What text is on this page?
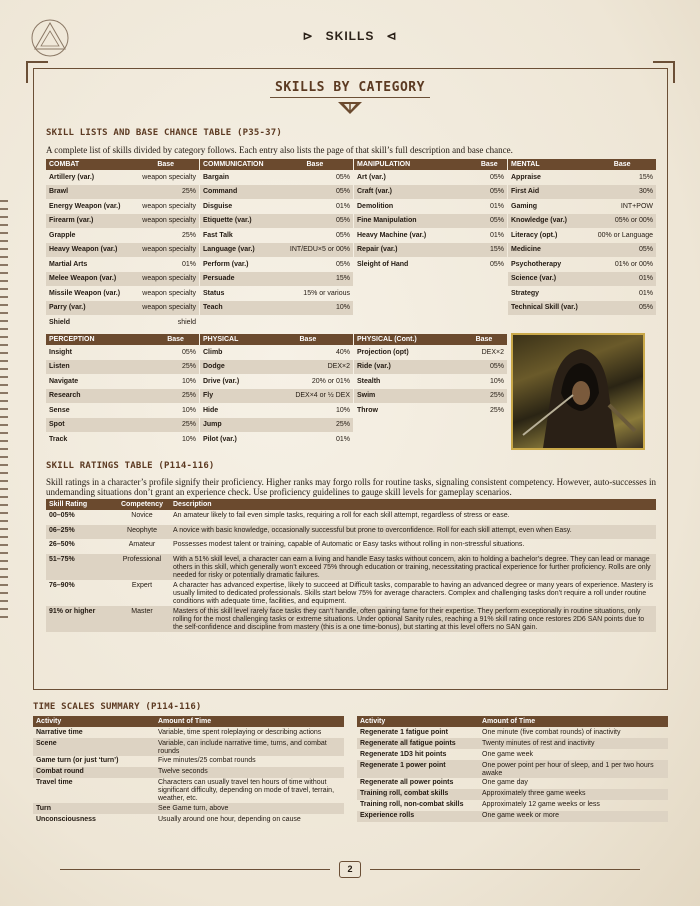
⊳ SKILLS ⊲
SKILLS BY CATEGORY
SKILL LISTS AND BASE CHANCE TABLE (P35-37)
A complete list of skills divided by category follows. Each entry also lists the page of that skill’s full description and base chance.
COMBAT	Base
Artillery (var.)	weapon specialty
Brawl	25%
Energy Weapon (var.)	weapon specialty
Firearm (var.)	weapon specialty
Grapple	25%
Heavy Weapon (var.)	weapon specialty
Martial Arts	01%
Melee Weapon (var.)	weapon specialty
Missile Weapon (var.)	weapon specialty
Parry (var.)	weapon specialty
Shield	shield
COMMUNICATION	Base
Bargain	05%
Command	05%
Disguise	01%
Etiquette (var.)	05%
Fast Talk	05%
Language (var.)	INT/EDU×5 or 00%
Perform (var.)	05%
Persuade	15%
Status	15% or various
Teach	10%
MANIPULATION	Base
Art (var.)	05%
Craft (var.)	05%
Demolition	01%
Fine Manipulation	05%
Heavy Machine (var.)	01%
Repair (var.)	15%
Sleight of Hand	05%
MENTAL	Base
Appraise	15%
First Aid	30%
Gaming	INT+POW
Knowledge (var.)	05% or 00%
Literacy (opt.)	00% or Language
Medicine	05%
Psychotherapy	01% or 00%
Science (var.)	01%
Strategy	01%
Technical Skill (var.)	05%
PERCEPTION	Base
Insight	05%
Listen	25%
Navigate	10%
Research	25%
Sense	10%
Spot	25%
Track	10%
PHYSICAL	Base
Climb	40%
Dodge	DEX×2
Drive (var.)	20% or 01%
Fly	DEX×4 or ½ DEX
Hide	10%
Jump	25%
Pilot (var.)	01%
PHYSICAL (Cont.)	Base
Projection (opt)	DEX×2
Ride (var.)	05%
Stealth	10%
Swim	25%
Throw	25%
SKILL RATINGS TABLE (P114-116)
Skill ratings in a character’s profile signify their proficiency. Higher ranks may forgo rolls for routine tasks, signaling consistent competency. However, auto-successes in undemanding situations don’t grant an experience check. Use proficiency guidelines to gauge skill levels for gameplay scenarios.
Skill Rating	Competency	Description
00–05%	Novice	An amateur likely to fail even simple tasks, requiring a roll for each skill attempt, regardless of stress or ease.
06–25%	Neophyte	A novice with basic knowledge, occasionally successful but prone to overconfidence. Roll for each skill attempt, even when Easy.
26–50%	Amateur	Possesses modest talent or training, capable of Automatic or Easy tasks without rolling in non-stressful situations.
51–75%	Professional	With a 51% skill level, a character can earn a living and handle Easy tasks without concern, akin to holding a bachelor’s degree. They can lead or manage others in this skill, which generally won’t exceed 75% through education or training, necessitating practical experience for further proficiency. Rolls are only needed for risky or potentially dramatic failures.
76–90%	Expert	A character has advanced expertise, likely to succeed at Difficult tasks, comparable to having an advanced degree or many years of experience. Mastery is usually limited to dedicated professionals. Skills start below 75% for average characters. Complex and challenging tasks don’t require a roll under routine conditions with adequate time, facilities, and equipment.
91% or higher	Master	Masters of this skill level rarely face tasks they can’t handle, often gaining fame for their expertise. They perform exceptionally in routine situations, only rolling for the most challenging tasks or extreme situations. Under optional Sanity rules, reaching a 91% skill rating once restores 2D6 SAN points due to the self-confidence and discipline from mastery (this is a one time-bonus), but starting at this level offers no SAN gain.
TIME SCALES SUMMARY (P114-116)
Activity	Amount of Time
Narrative time	Variable, time spent roleplaying or describing actions
Scene	Variable, can include narrative time, turns, and combat rounds
Game turn (or just ‘turn’)	Five minutes/25 combat rounds
Combat round	Twelve seconds
Travel time	Characters can usually travel ten hours of time without significant difficulty, depending on mode of travel, terrain, weather, etc.
Turn	See Game turn, above
Unconsciousness	Usually around one hour, depending on cause
Activity	Amount of Time
Regenerate 1 fatigue point	One minute (five combat rounds) of inactivity
Regenerate all fatigue points	Twenty minutes of rest and inactivity
Regenerate 1D3 hit points	One game week
Regenerate 1 power point	One power point per hour of sleep, and 1 per two hours awake
Regenerate all power points	One game day
Training roll, combat skills	Approximately three game weeks
Training roll, non-combat skills	Approximately 12 game weeks or less
Experience rolls	One game week or more
2
